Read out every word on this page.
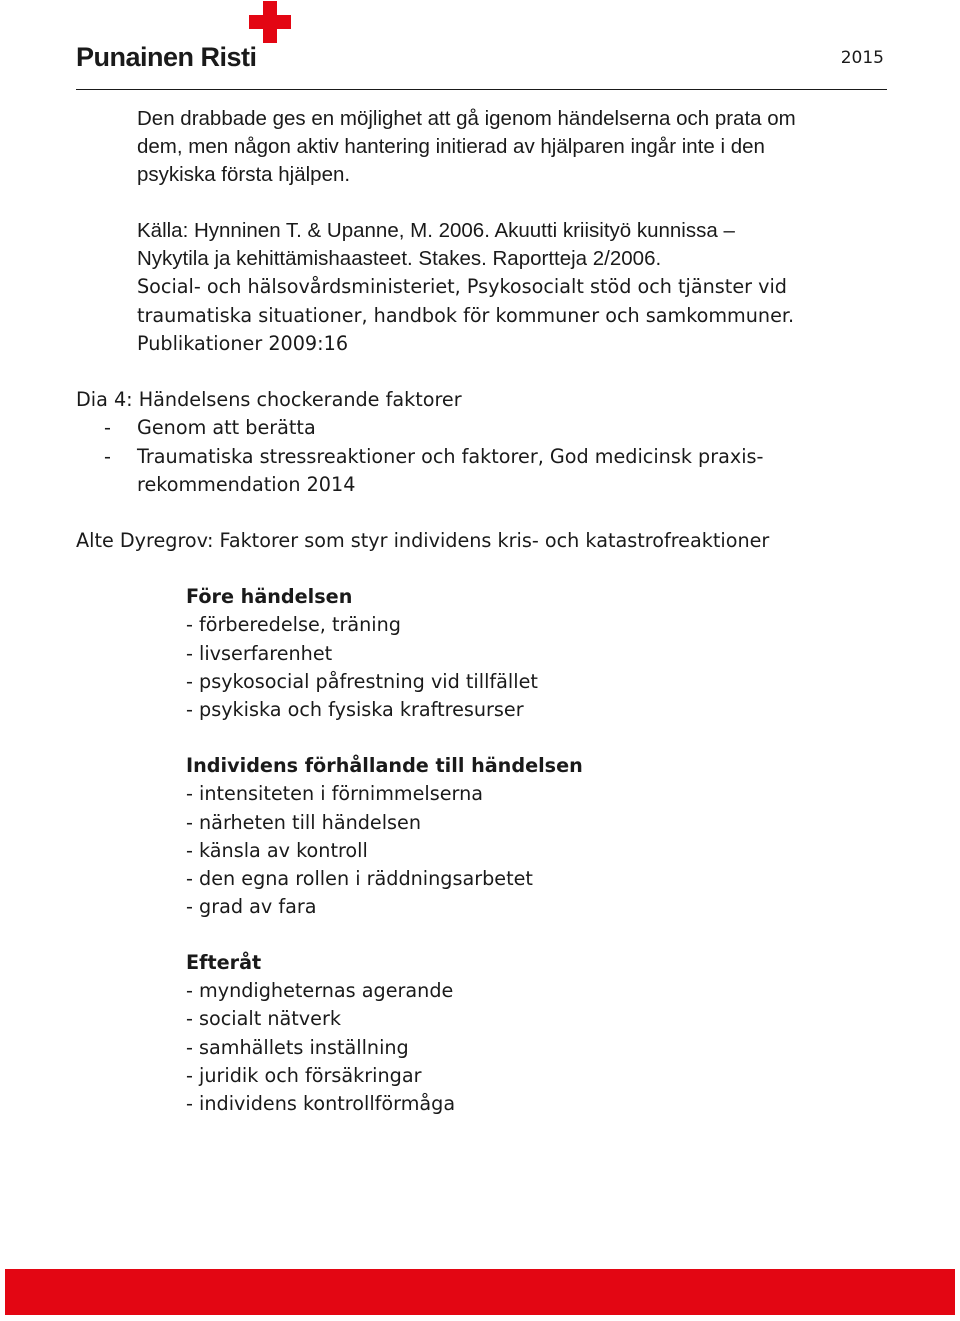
Punainen Risti	2015
Den drabbade ges en möjlighet att gå igenom händelserna och prata om
dem, men någon aktiv hantering initierad av hjälparen ingår inte i den
psykiska första hjälpen.
Källa: Hynninen T. & Upanne, M. 2006. Akuutti kriisityö kunnissa –
Nykytila ja kehittämishaasteet. Stakes. Raportteja 2/2006.
Social- och hälsovårdsministeriet, Psykosocialt stöd och tjänster vid
traumatiska situationer, handbok för kommuner och samkommuner.
Publikationer 2009:16
Dia 4: Händelsens chockerande faktorer
- Genom att berätta
- Traumatiska stressreaktioner och faktorer, God medicinsk praxis-
rekommendation 2014
Alte Dyregrov: Faktorer som styr individens kris- och katastrofreaktioner
Före händelsen
- förberedelse, träning
- livserfarenhet
- psykosocial påfrestning vid tillfället
- psykiska och fysiska kraftresurser
Individens förhållande till händelsen
- intensiteten i förnimmelserna
- närheten till händelsen
- känsla av kontroll
- den egna rollen i räddningsarbetet
- grad av fara
Efteråt
- myndigheternas agerande
- socialt nätverk
- samhällets inställning
- juridik och försäkringar
- individens kontrollförmåga
